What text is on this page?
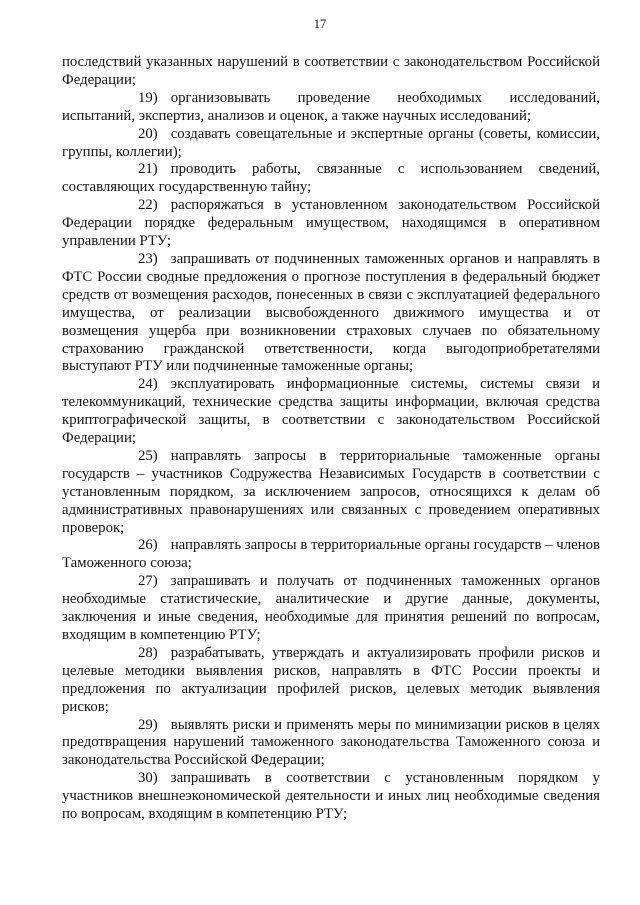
17

последствий указанных нарушений в соответствии с законодательством Российской Федерации;

19) организовывать проведение необходимых исследований, испытаний, экспертиз, анализов и оценок, а также научных исследований;

20) создавать совещательные и экспертные органы (советы, комиссии, группы, коллегии);

21) проводить работы, связанные с использованием сведений, составляющих государственную тайну;

22) распоряжаться в установленном законодательством Российской Федерации порядке федеральным имуществом, находящимся в оперативном управлении РТУ;

23) запрашивать от подчиненных таможенных органов и направлять в ФТС России сводные предложения о прогнозе поступления в федеральный бюджет средств от возмещения расходов, понесенных в связи с эксплуатацией федерального имущества, от реализации высвобожденного движимого имущества и от возмещения ущерба при возникновении страховых случаев по обязательному страхованию гражданской ответственности, когда выгодоприобретателями выступают РТУ или подчиненные таможенные органы;

24) эксплуатировать информационные системы, системы связи и телекоммуникаций, технические средства защиты информации, включая средства криптографической защиты, в соответствии с законодательством Российской Федерации;

25) направлять запросы в территориальные таможенные органы государств – участников Содружества Независимых Государств в соответствии с установленным порядком, за исключением запросов, относящихся к делам об административных правонарушениях или связанных с проведением оперативных проверок;

26) направлять запросы в территориальные органы государств – членов Таможенного союза;

27) запрашивать и получать от подчиненных таможенных органов необходимые статистические, аналитические и другие данные, документы, заключения и иные сведения, необходимые для принятия решений по вопросам, входящим в компетенцию РТУ;

28) разрабатывать, утверждать и актуализировать профили рисков и целевые методики выявления рисков, направлять в ФТС России проекты и предложения по актуализации профилей рисков, целевых методик выявления рисков;

29) выявлять риски и применять меры по минимизации рисков в целях предотвращения нарушений таможенного законодательства Таможенного союза и законодательства Российской Федерации;

30) запрашивать в соответствии с установленным порядком у участников внешнеэкономической деятельности и иных лиц необходимые сведения по вопросам, входящим в компетенцию РТУ;
